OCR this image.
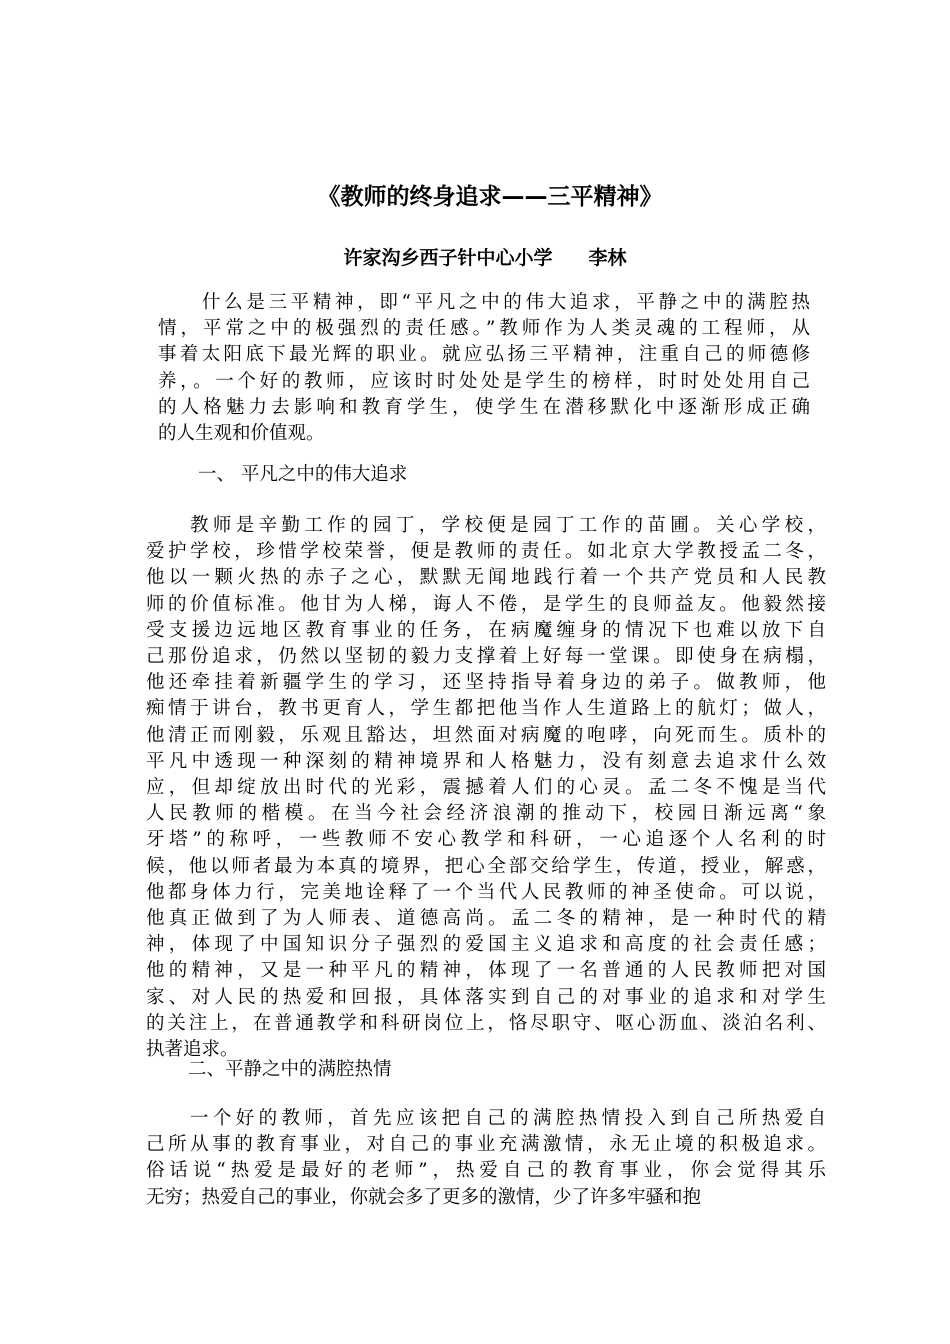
《教师的终身追求——三平精神》
许家沟乡西子针中心小学 李林
什么是三平精神，即“平凡之中的伟大追求，平静之中的满腔热
情，平常之中的极强烈的责任感。”教师作为人类灵魂的工程师，从
事着太阳底下最光辉的职业。就应弘扬三平精神，注重自己的师德修
养，。一个好的教师，应该时时处处是学生的榜样，时时处处用自己
的人格魅力去影响和教育学生，使学生在潜移默化中逐渐形成正确
的人生观和价值观。
一、 平凡之中的伟大追求
教师是辛勤工作的园丁，学校便是园丁工作的苗圃。关心学校，
爱护学校，珍惜学校荣誉，便是教师的责任。如北京大学教授孟二冬，
他以一颗火热的赤子之心，默默无闻地践行着一个共产党员和人民教
师的价值标准。他甘为人梯，诲人不倦，是学生的良师益友。他毅然接
受支援边远地区教育事业的任务，在病魔缠身的情况下也难以放下自
己那份追求，仍然以坚韧的毅力支撑着上好每一堂课。即使身在病榻，
他还牵挂着新疆学生的学习，还坚持指导着身边的弟子。做教师，他
痴情于讲台，教书更育人，学生都把他当作人生道路上的航灯；做人，
他清正而刚毅，乐观且豁达，坦然面对病魔的咆哮，向死而生。质朴的
平凡中透现一种深刻的精神境界和人格魅力，没有刻意去追求什么效
应，但却绽放出时代的光彩，震撼着人们的心灵。孟二冬不愧是当代
人民教师的楷模。在当今社会经济浪潮的推动下，校园日渐远离“象
牙塔”的称呼，一些教师不安心教学和科研，一心追逐个人名利的时
候，他以师者最为本真的境界，把心全部交给学生，传道，授业，解惑，
他都身体力行，完美地诠释了一个当代人民教师的神圣使命。可以说，
他真正做到了为人师表、道德高尚。孟二冬的精神，是一种时代的精
神，体现了中国知识分子强烈的爱国主义追求和高度的社会责任感；
他的精神，又是一种平凡的精神，体现了一名普通的人民教师把对国
家、对人民的热爱和回报，具体落实到自己的对事业的追求和对学生
的关注上，在普通教学和科研岗位上，恪尽职守、呕心沥血、淡泊名利、
执著追求。
二、平静之中的满腔热情
一个好的教师，首先应该把自己的满腔热情投入到自己所热爱自
己所从事的教育事业，对自己的事业充满激情，永无止境的积极追求。
俗话说“热爱是最好的老师”，热爱自己的教育事业，你会觉得其乐
无穷；热爱自己的事业，你就会多了更多的激情，少了许多牢骚和抱
